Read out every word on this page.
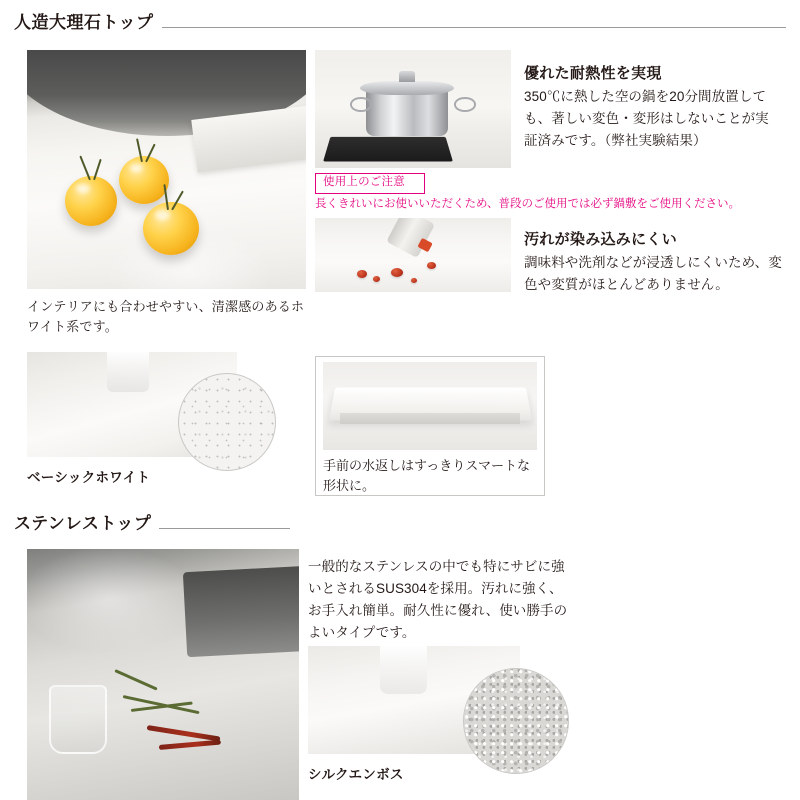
人造大理石トップ
インテリアにも合わせやすい、清潔感のあるホワイト系です。
優れた耐熱性を実現
350℃に熱した空の鍋を20分間放置しても、著しい変色・変形はしないことが実証済みです。（弊社実験結果）
使用上のご注意
長くきれいにお使いいただくため、普段のご使用では必ず鍋敷をご使用ください。
汚れが染み込みにくい
調味料や洗剤などが浸透しにくいため、変色や変質がほとんどありません。
ベーシックホワイト
手前の水返しはすっきりスマートな形状に。
ステンレストップ
一般的なステンレスの中でも特にサビに強いとされるSUS304を採用。汚れに強く、お手入れ簡単。耐久性に優れ、使い勝手のよいタイプです。
シルクエンボス
